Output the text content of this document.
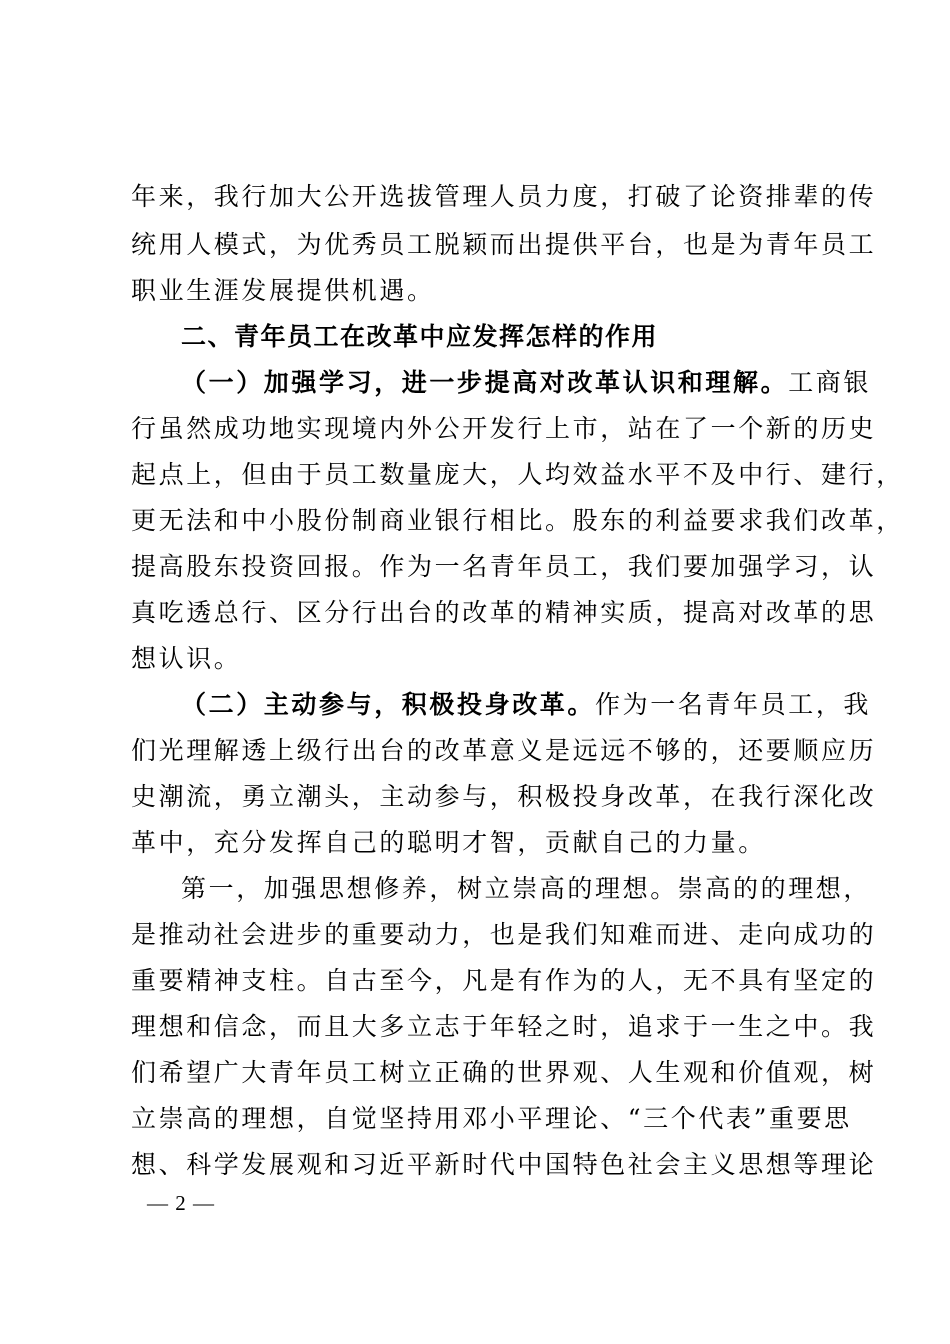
年来，我行加大公开选拔管理人员力度，打破了论资排辈的传
统用人模式，为优秀员工脱颖而出提供平台，也是为青年员工
职业生涯发展提供机遇。
二、青年员工在改革中应发挥怎样的作用
（一）加强学习，进一步提高对改革认识和理解。工商银
行虽然成功地实现境内外公开发行上市，站在了一个新的历史
起点上，但由于员工数量庞大，人均效益水平不及中行、建行，
更无法和中小股份制商业银行相比。股东的利益要求我们改革，
提高股东投资回报。作为一名青年员工，我们要加强学习，认
真吃透总行、区分行出台的改革的精神实质，提高对改革的思
想认识。
（二）主动参与，积极投身改革。作为一名青年员工，我
们光理解透上级行出台的改革意义是远远不够的，还要顺应历
史潮流，勇立潮头，主动参与，积极投身改革，在我行深化改
革中，充分发挥自己的聪明才智，贡献自己的力量。
第一，加强思想修养，树立崇高的理想。崇高的的理想，
是推动社会进步的重要动力，也是我们知难而进、走向成功的
重要精神支柱。自古至今，凡是有作为的人，无不具有坚定的
理想和信念，而且大多立志于年轻之时，追求于一生之中。我
们希望广大青年员工树立正确的世界观、人生观和价值观，树
立崇高的理想，自觉坚持用邓小平理论、“三个代表”重要思
想、科学发展观和习近平新时代中国特色社会主义思想等理论
— 2 —
